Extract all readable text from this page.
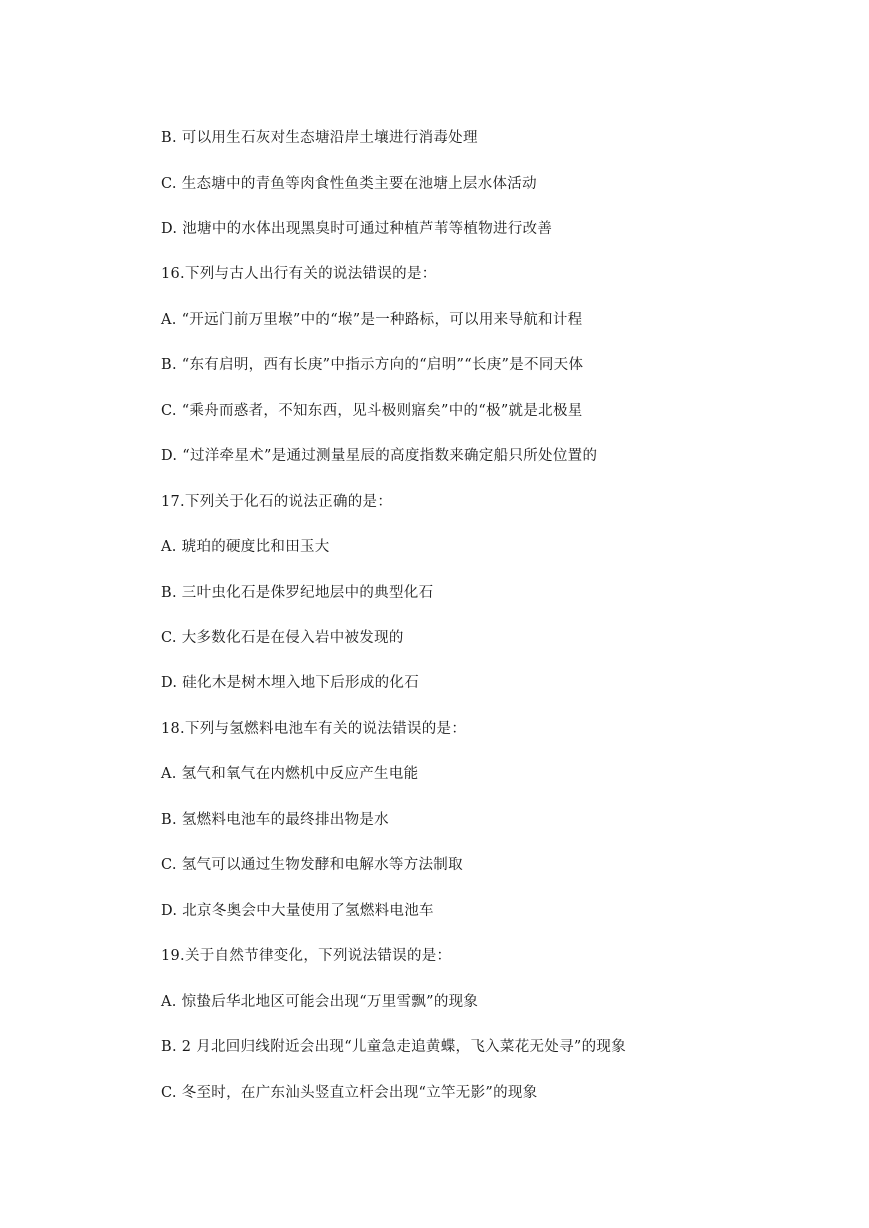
B. 可以用生石灰对生态塘沿岸土壤进行消毒处理
C. 生态塘中的青鱼等肉食性鱼类主要在池塘上层水体活动
D. 池塘中的水体出现黑臭时可通过种植芦苇等植物进行改善
16.下列与古人出行有关的说法错误的是：
A. “开远门前万里堠”中的“堠”是一种路标，可以用来导航和计程
B. “东有启明，西有长庚”中指示方向的“启明”“长庚”是不同天体
C. “乘舟而惑者，不知东西，见斗极则寤矣”中的“极”就是北极星
D. “过洋牵星术”是通过测量星辰的高度指数来确定船只所处位置的
17.下列关于化石的说法正确的是：
A. 琥珀的硬度比和田玉大
B. 三叶虫化石是侏罗纪地层中的典型化石
C. 大多数化石是在侵入岩中被发现的
D. 硅化木是树木埋入地下后形成的化石
18.下列与氢燃料电池车有关的说法错误的是：
A. 氢气和氧气在内燃机中反应产生电能
B. 氢燃料电池车的最终排出物是水
C. 氢气可以通过生物发酵和电解水等方法制取
D. 北京冬奥会中大量使用了氢燃料电池车
19.关于自然节律变化，下列说法错误的是：
A. 惊蛰后华北地区可能会出现“万里雪飘”的现象
B. 2 月北回归线附近会出现“儿童急走追黄蝶，飞入菜花无处寻”的现象
C. 冬至时，在广东汕头竖直立杆会出现“立竿无影”的现象
